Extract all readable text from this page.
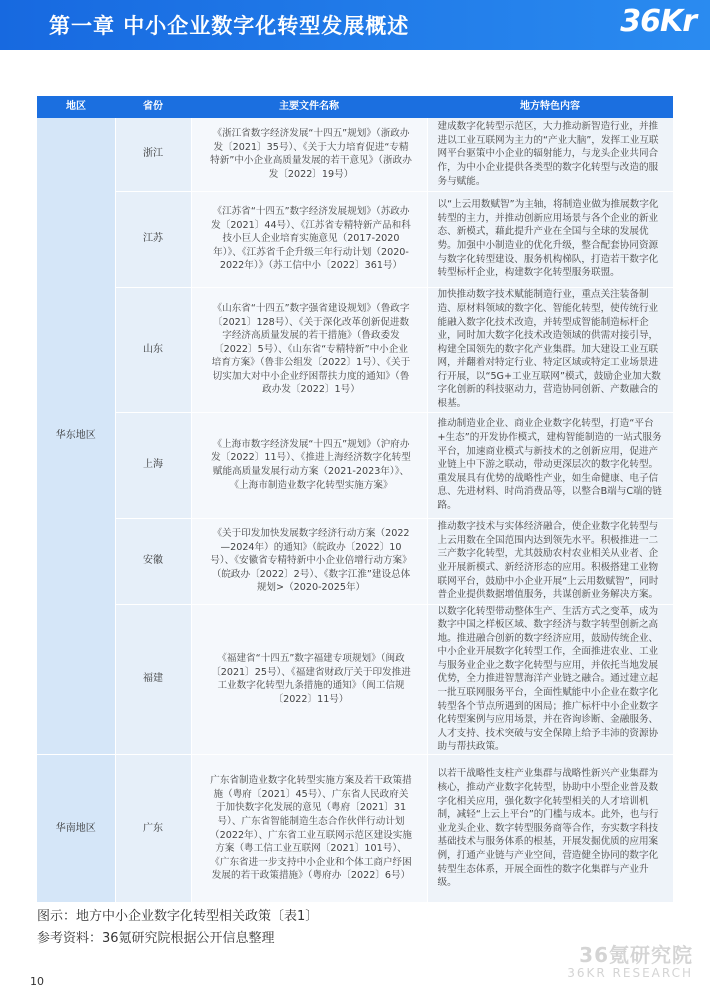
第一章 中小企业数字化转型发展概述	36Kr
地区	省份	主要文件名称	地方特色内容
华东地区	浙江	《浙江省数字经济发展“十四五”规划》（浙政办发〔2021〕35号）、《关于大力培育促进“专精特新”中小企业高质量发展的若干意见》（浙政办发〔2022〕19号）	建成数字化转型示范区，大力推动新智造行业，并推进以工业互联网为主力的“产业大脑”，发挥工业互联网平台驱策中小企业的辐射能力，与龙头企业共同合作，为中小企业提供各类型的数字化转型与改造的服务与赋能。
	江苏	《江苏省“十四五”数字经济发展规划》（苏政办发〔2021〕44号）、《江苏省专精特新产品和科技小巨人企业培育实施意见（2017-2020年）》、《江苏省千企升级三年行动计划（2020-2022年）》（苏工信中小〔2022〕361号）	以“上云用数赋智”为主轴，将制造业做为推展数字化转型的主力，并推动创新应用场景与各个企业的新业态、新模式，藉此提升产业在全国与全球的发展优势。加强中小制造业的优化升级，整合配套协同资源与数字化转型建设、服务机构梯队，打造若干数字化转型标杆企业，构建数字化转型服务联盟。
	山东	《山东省“十四五”数字强省建设规划》（鲁政字〔2021〕128号）、《关于深化改革创新促进数字经济高质量发展的若干措施》（鲁政委发〔2022〕5号）、《山东省“专精特新”中小企业培育方案》（鲁非公组发〔2022〕1号）、《关于切实加大对中小企业纾困帮扶力度的通知》（鲁政办发〔2022〕1号）	加快推动数字技术赋能制造行业，重点关注装备制造、原材料领域的数字化、智能化转型，使传统行业能融入数字化技术改造，并转型成智能制造标杆企业，同时加大数字化技术改造领域的供需对接引导，构建全国领先的数字化产业集群。加大建设工业互联网，并翻着对特定行业、特定区域或特定工业场景进行开展，以“5G+工业互联网”模式，鼓励企业加大数字化创新的科技驱动力，营造协同创新、产数融合的根基。
	上海	《上海市数字经济发展“十四五”规划》（沪府办发〔2022〕11号）、《推进上海经济数字化转型 赋能高质量发展行动方案（2021-2023年）》、《上海市制造业数字化转型实施方案》	推动制造业企业、商业企业数字化转型，打造“平台+生态”的开发协作模式，建构智能制造的一站式服务平台，加速商业模式与新技术的之创新应用，促进产业链上中下游之联动，带动更深层次的数字化转型。重发展具有优势的战略性产业，如生命健康、电子信息、先进材料、时尚消费品等，以整合B端与C端的链路。
	安徽	《关于印发加快发展数字经济行动方案（2022—2024年）的通知》（皖政办〔2022〕10号）、《安徽省专精特新中小企业倍增行动方案》（皖政办〔2022〕2号）、《数字江淮”建设总体规划>（2020-2025年）	推动数字技术与实体经济融合，使企业数字化转型与上云用数在全国范围内达到领先水平。积极推进一二三产数字化转型，尤其鼓励农村农业相关从业者、企业开展新模式、新经济形态的应用。积极搭建工业物联网平台，鼓励中小企业开展“上云用数赋智”，同时普企业提供数据增值服务，共谋创新业务解决方案。
	福建	《福建省“十四五”数字福建专项规划》（闽政〔2021〕25号）、《福建省财政厅关于印发推进工业数字化转型九条措施的通知》（闽工信规〔2022〕11号）	以数字化转型带动整体生产、生活方式之变革，成为数字中国之样板区域、数字经济与数字转型创新之高地。推进融合创新的数字经济应用，鼓励传统企业、中小企业开展数字化转型工作，全面推进农业、工业与服务业企业之数字化转型与应用，并依托当地发展优势，全力推进智慧海洋产业链之融合。通过建立起一批互联网服务平台，全面性赋能中小企业在数字化转型各个节点所遇到的困局；推广标杆中小企业数字化转型案例与应用场景，并在咨询诊断、金融服务、人才支持、技术突破与安全保障上给予丰沛的资源协助与帮扶政策。
华南地区	广东	广东省制造业数字化转型实施方案及若干政策措施（粤府〔2021〕45号）、广东省人民政府关于加快数字化发展的意见（粤府〔2021〕31号）、广东省智能制造生态合作伙伴行动计划（2022年）、广东省工业互联网示范区建设实施方案（粤工信工业互联网〔2021〕101号）、《广东省进一步支持中小企业和个体工商户纾困发展的若干政策措施》（粤府办〔2022〕6号）	以若干战略性支柱产业集群与战略性新兴产业集群为核心，推动产业数字化转型，协助中小型企业普及数字化相关应用，强化数字化转型相关的人才培训机制，减轻“上云上平台”的门槛与成本。此外，也与行业龙头企业、数字转型服务商等合作，夯实数字科技基础技术与服务体系的根基，开展发掘优质的应用案例，打通产业链与产业空间，营造健全协同的数字化转型生态体系，开展全面性的数字化集群与产业升级。
图示：地方中小企业数字化转型相关政策〔表1〕
参考资料：36氪研究院根据公开信息整理
36氪研究院
36KR RESEARCH
10
